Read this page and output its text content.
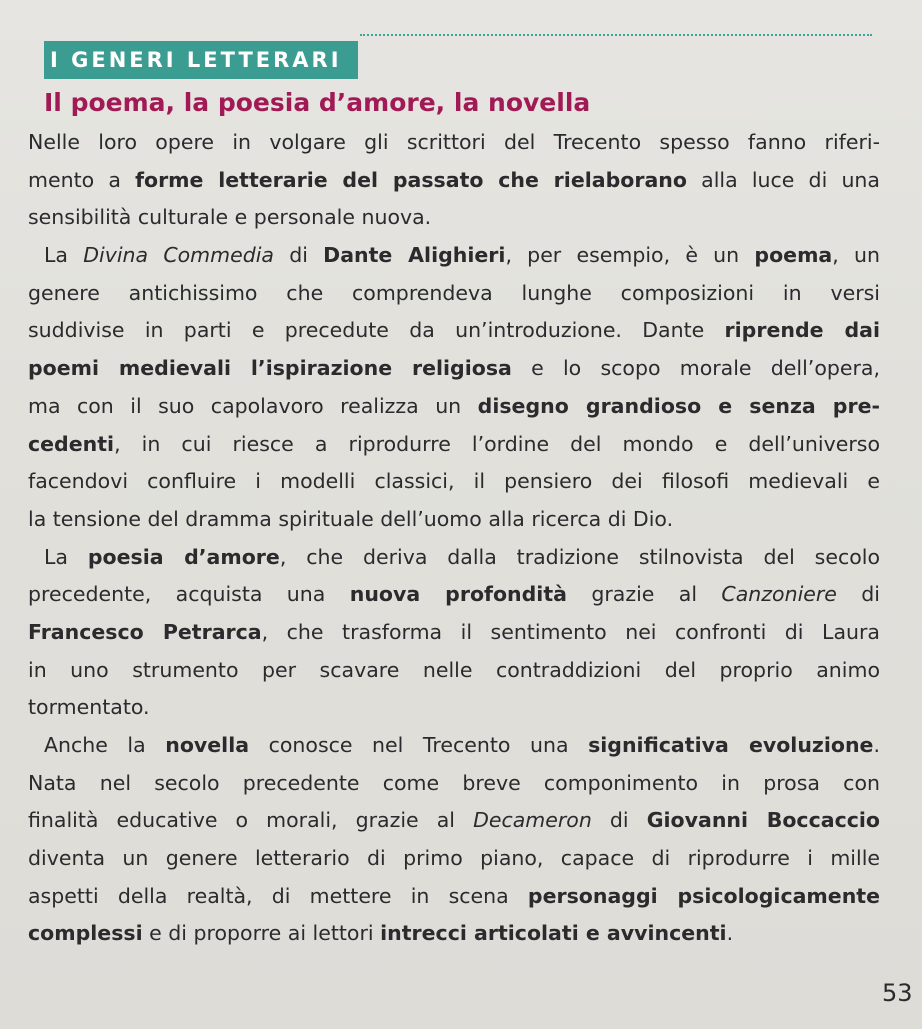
I GENERI LETTERARI
Il poema, la poesia d’amore, la novella
Nelle loro opere in volgare gli scrittori del Trecento spesso fanno riferi-
mento a forme letterarie del passato che rielaborano alla luce di una
sensibilità culturale e personale nuova.
La Divina Commedia di Dante Alighieri, per esempio, è un poema, un
genere antichissimo che comprendeva lunghe composizioni in versi
suddivise in parti e precedute da un’introduzione. Dante riprende dai
poemi medievali l’ispirazione religiosa e lo scopo morale dell’opera,
ma con il suo capolavoro realizza un disegno grandioso e senza pre-
cedenti, in cui riesce a riprodurre l’ordine del mondo e dell’universo
facendovi confluire i modelli classici, il pensiero dei filosofi medievali e
la tensione del dramma spirituale dell’uomo alla ricerca di Dio.
La poesia d’amore, che deriva dalla tradizione stilnovista del secolo
precedente, acquista una nuova profondità grazie al Canzoniere di
Francesco Petrarca, che trasforma il sentimento nei confronti di Laura
in uno strumento per scavare nelle contraddizioni del proprio animo
tormentato.
Anche la novella conosce nel Trecento una significativa evoluzione.
Nata nel secolo precedente come breve componimento in prosa con
finalità educative o morali, grazie al Decameron di Giovanni Boccaccio
diventa un genere letterario di primo piano, capace di riprodurre i mille
aspetti della realtà, di mettere in scena personaggi psicologicamente
complessi e di proporre ai lettori intrecci articolati e avvincenti.
53
